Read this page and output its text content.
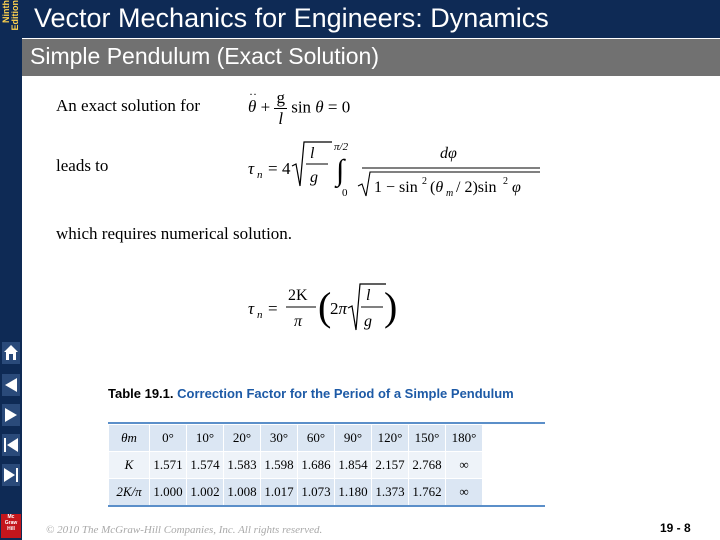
Ninth Edition
Mc Graw Hill
Vector Mechanics for Engineers: Dynamics
Simple Pendulum (Exact Solution)
An exact solution for
leads to
which requires numerical solution.
θ
··
+ $\frac{g}{l}$ sin θ = 0
τ n = 4
l
g ∫
π/2
0
dφ
1 − sin 2 (θ m / 2)sin 2 φ
τ n =
2K
π (
2π
l
g )
Table 19.1. Correction Factor for the Period of a Simple Pendulum
θm	0°	10°	20°	30°	60°	90°	120°	150°	180°
K	1.571	1.574	1.583	1.598	1.686	1.854	2.157	2.768	∞
2K/π	1.000	1.002	1.008	1.017	1.073	1.180	1.373	1.762	∞
© 2010 The McGraw-Hill Companies, Inc. All rights reserved.	19 - 8
